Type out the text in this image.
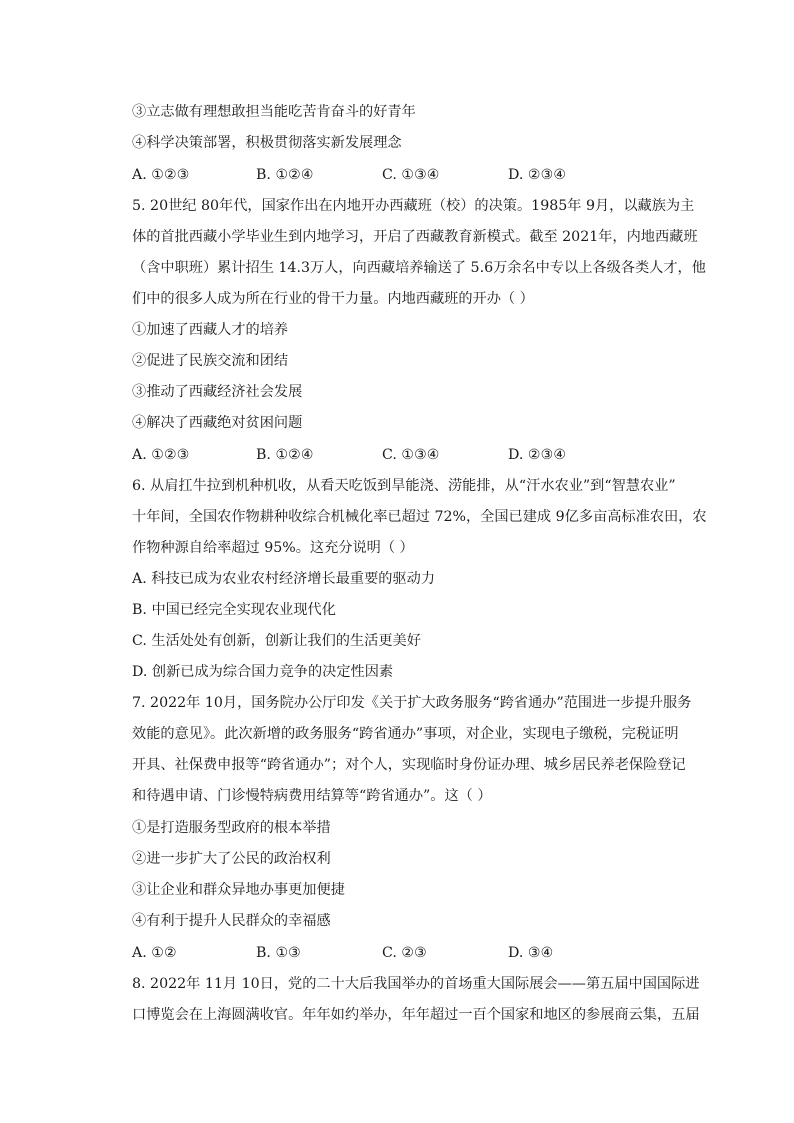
③立志做有理想敢担当能吃苦肯奋斗的好青年
④科学决策部署，积极贯彻落实新发展理念
A. ①②③	B. ①②④	C. ①③④	D. ②③④
5. 20世纪 80年代，国家作出在内地开办西藏班（校）的决策。1985年 9月，以藏族为主
体的首批西藏小学毕业生到内地学习，开启了西藏教育新模式。截至 2021年，内地西藏班
（含中职班）累计招生 14.3万人，向西藏培养输送了 5.6万余名中专以上各级各类人才，他
们中的很多人成为所在行业的骨干力量。内地西藏班的开办（ ）
①加速了西藏人才的培养
②促进了民族交流和团结
③推动了西藏经济社会发展
④解决了西藏绝对贫困问题
A. ①②③	B. ①②④	C. ①③④	D. ②③④
6. 从肩扛牛拉到机种机收，从看天吃饭到旱能浇、涝能排，从“汗水农业”到“智慧农业”
十年间，全国农作物耕种收综合机械化率已超过 72%，全国已建成 9亿多亩高标准农田，农
作物种源自给率超过 95%。这充分说明（ ）
A. 科技已成为农业农村经济增长最重要的驱动力
B. 中国已经完全实现农业现代化
C. 生活处处有创新，创新让我们的生活更美好
D. 创新已成为综合国力竞争的决定性因素
7. 2022年 10月，国务院办公厅印发《关于扩大政务服务“跨省通办”范围进一步提升服务
效能的意见》。此次新增的政务服务“跨省通办”事项，对企业，实现电子缴税，完税证明
开具、社保费申报等“跨省通办”；对个人，实现临时身份证办理、城乡居民养老保险登记
和待遇申请、门诊慢特病费用结算等“跨省通办”。这（ ）
①是打造服务型政府的根本举措
②进一步扩大了公民的政治权利
③让企业和群众异地办事更加便捷
④有利于提升人民群众的幸福感
A. ①②	B. ①③	C. ②③	D. ③④
8. 2022年 11月 10日，党的二十大后我国举办的首场重大国际展会——第五届中国国际进
口博览会在上海圆满收官。年年如约举办，年年超过一百个国家和地区的参展商云集，五届
